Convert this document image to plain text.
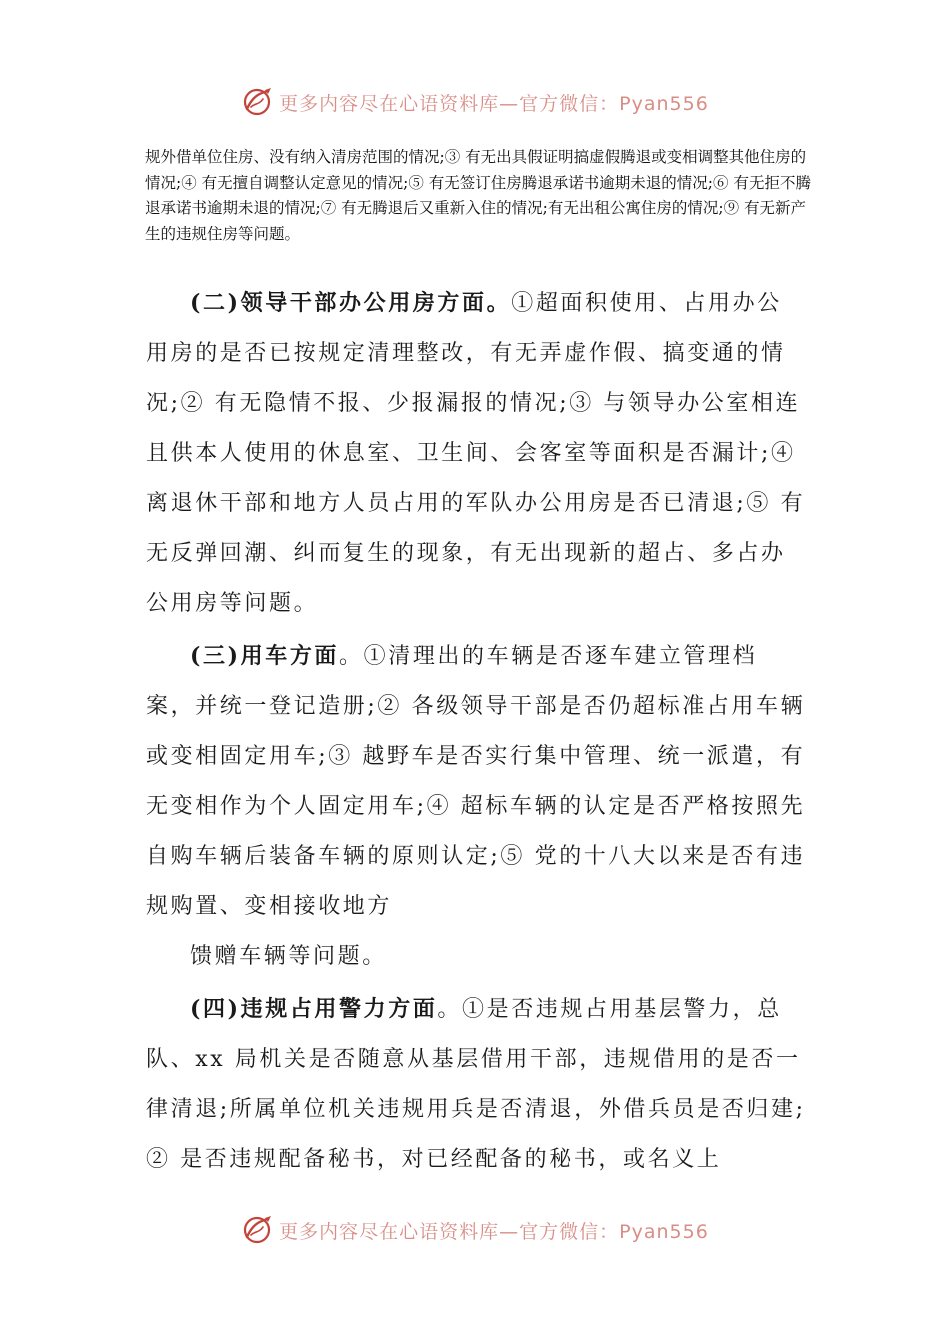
更多内容尽在心语资料库—官方微信：Pyan556

规外借单位住房、没有纳入清房范围的情况;③ 有无出具假证明搞虚假腾退或变相调整其他住房的情况;④ 有无擅自调整认定意见的情况;⑤ 有无签订住房腾退承诺书逾期未退的情况;⑥ 有无拒不腾退承诺书逾期未退的情况;⑦ 有无腾退后又重新入住的情况;有无出租公寓住房的情况;⑨ 有无新产生的违规住房等问题。

(二)领导干部办公用房方面。①超面积使用、占用办公用房的是否已按规定清理整改，有无弄虚作假、搞变通的情况;② 有无隐情不报、少报漏报的情况;③ 与领导办公室相连且供本人使用的休息室、卫生间、会客室等面积是否漏计;④ 离退休干部和地方人员占用的军队办公用房是否已清退;⑤ 有无反弹回潮、纠而复生的现象，有无出现新的超占、多占办公用房等问题。

(三)用车方面。①清理出的车辆是否逐车建立管理档案，并统一登记造册;② 各级领导干部是否仍超标准占用车辆或变相固定用车;③ 越野车是否实行集中管理、统一派遣，有无变相作为个人固定用车;④ 超标车辆的认定是否严格按照先自购车辆后装备车辆的原则认定;⑤ 党的十八大以来是否有违规购置、变相接收地方

馈赠车辆等问题。

(四)违规占用警力方面。①是否违规占用基层警力，总队、xx 局机关是否随意从基层借用干部，违规借用的是否一律清退;所属单位机关违规用兵是否清退，外借兵员是否归建;② 是否违规配备秘书，对已经配备的秘书，或名义上

更多内容尽在心语资料库—官方微信：Pyan556
